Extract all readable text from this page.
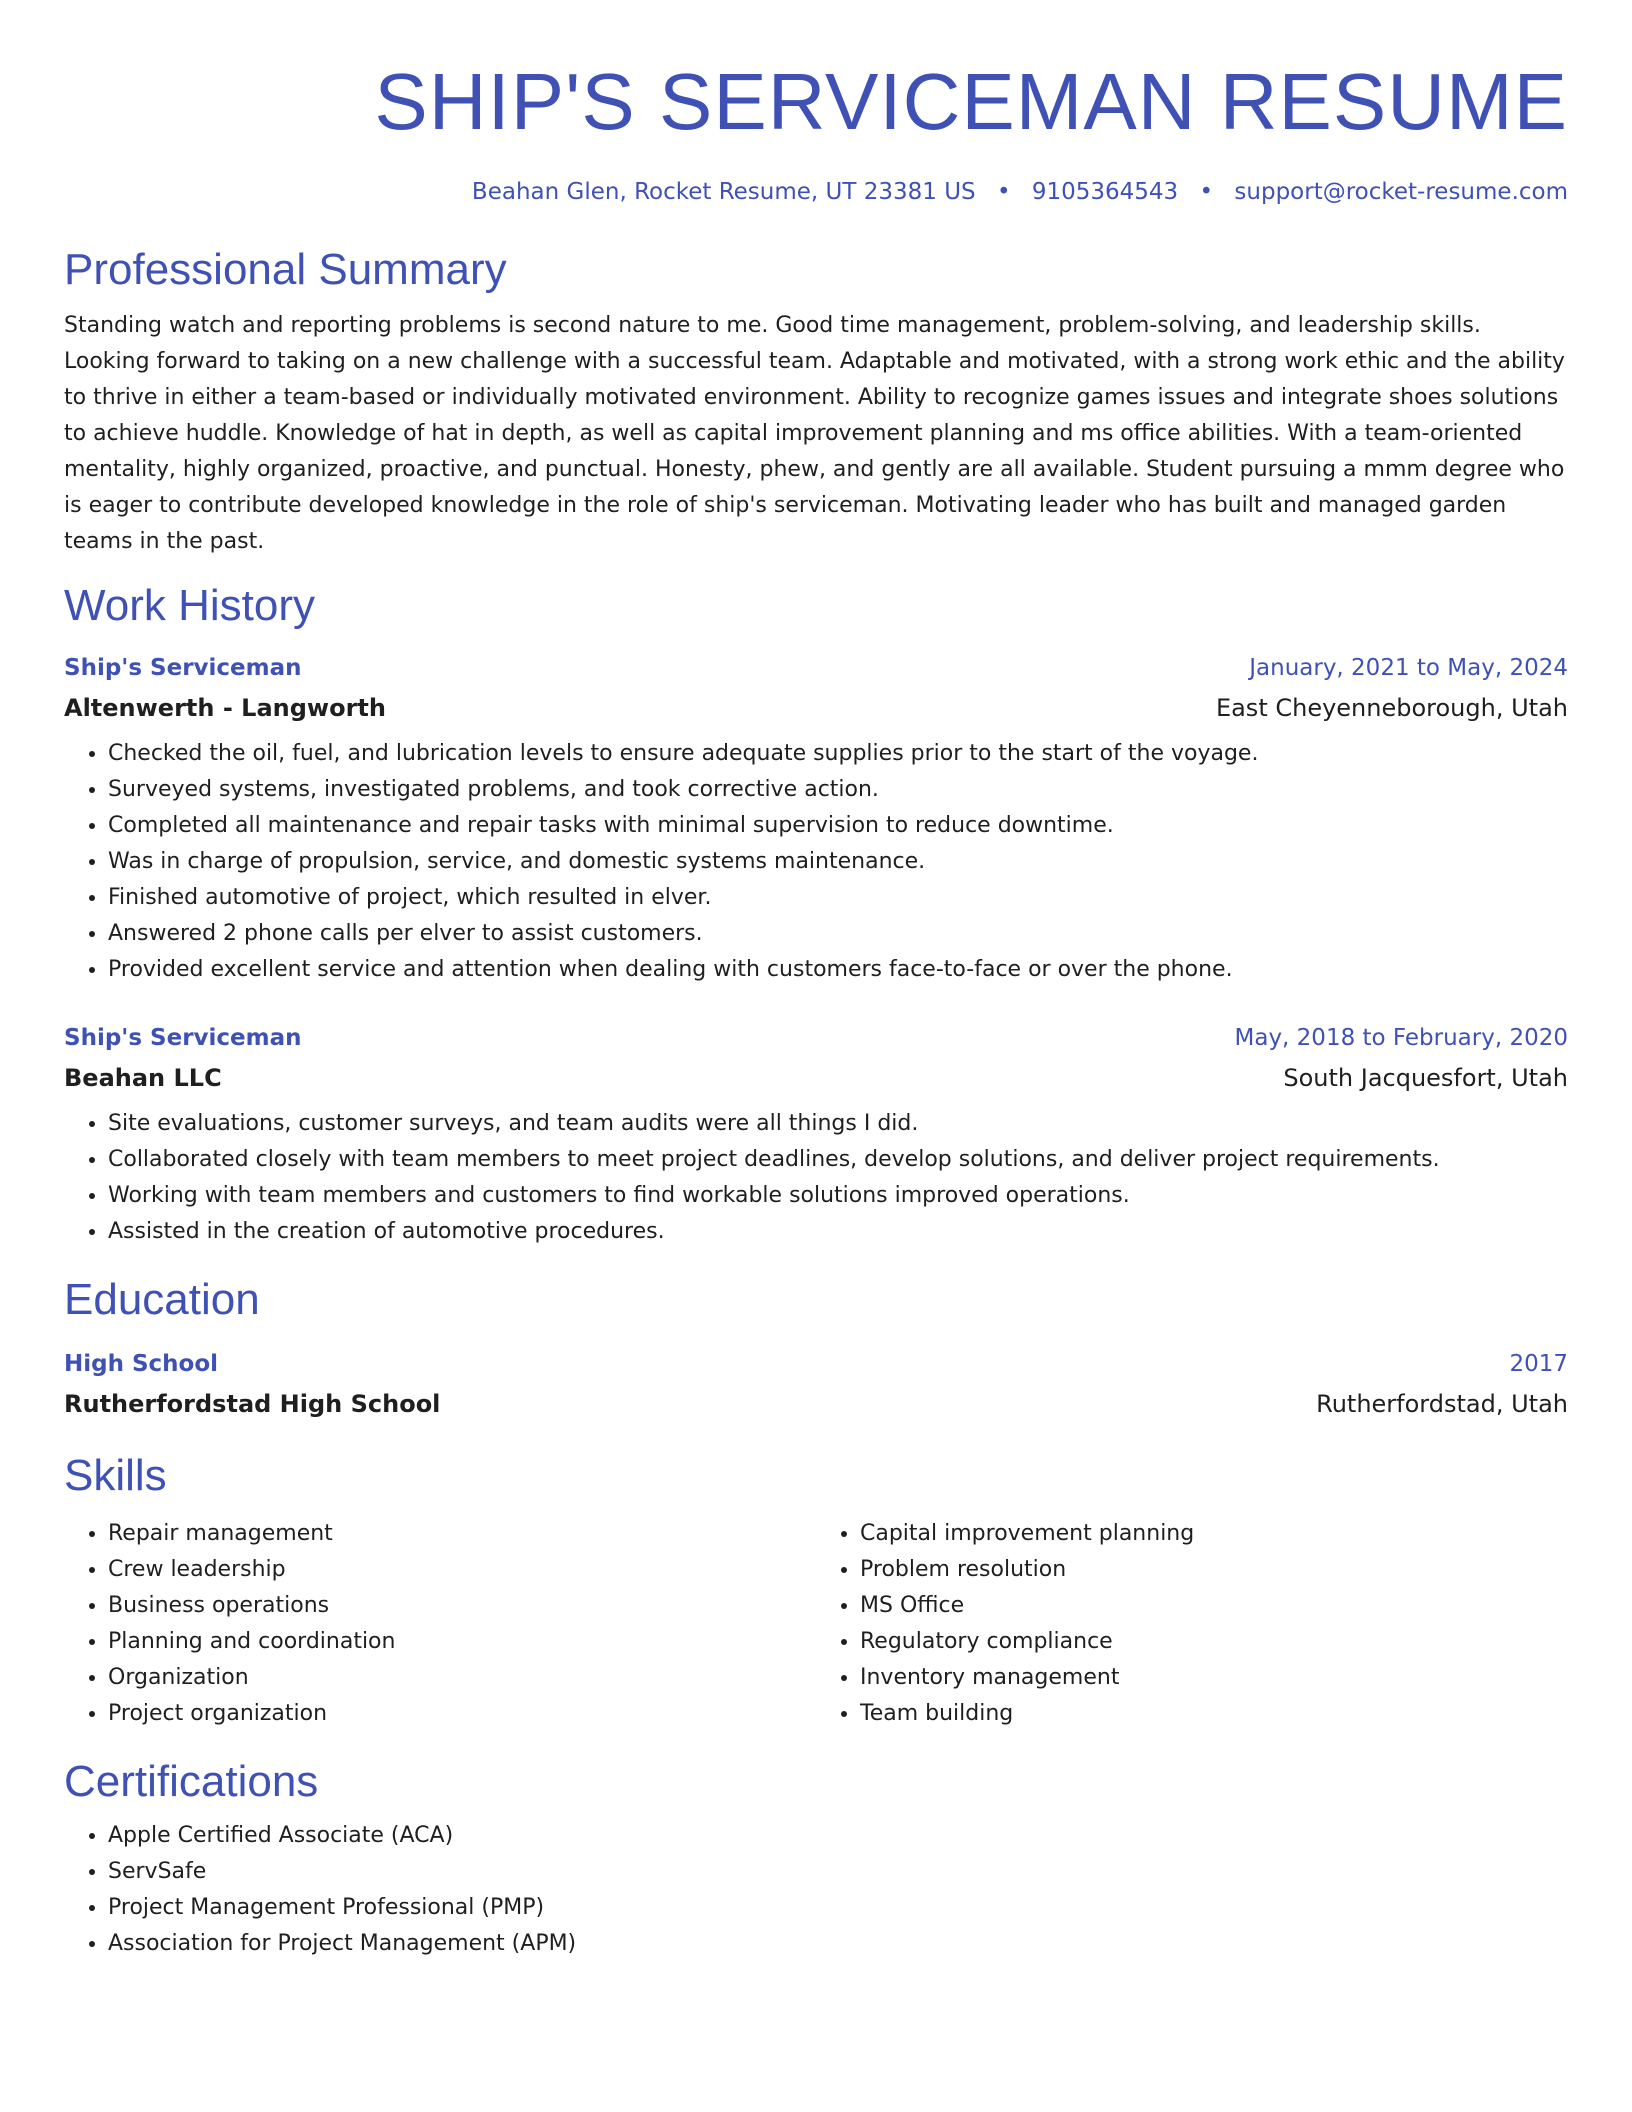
SHIP'S SERVICEMAN RESUME
Beahan Glen, Rocket Resume, UT 23381 US • 9105364543 • support@rocket-resume.com
Professional Summary

Standing watch and reporting problems is second nature to me. Good time management, problem-solving, and leadership skills. Looking forward to taking on a new challenge with a successful team. Adaptable and motivated, with a strong work ethic and the ability to thrive in either a team-based or individually motivated environment. Ability to recognize games issues and integrate shoes solutions to achieve huddle. Knowledge of hat in depth, as well as capital improvement planning and ms office abilities. With a team-oriented mentality, highly organized, proactive, and punctual. Honesty, phew, and gently are all available. Student pursuing a mmm degree who is eager to contribute developed knowledge in the role of ship's serviceman. Motivating leader who has built and managed garden teams in the past.

Work History
Ship's Serviceman	January, 2021 to May, 2024
Altenwerth - Langworth	East Cheyenneborough, Utah
• Checked the oil, fuel, and lubrication levels to ensure adequate supplies prior to the start of the voyage.
• Surveyed systems, investigated problems, and took corrective action.
• Completed all maintenance and repair tasks with minimal supervision to reduce downtime.
• Was in charge of propulsion, service, and domestic systems maintenance.
• Finished automotive of project, which resulted in elver.
• Answered 2 phone calls per elver to assist customers.
• Provided excellent service and attention when dealing with customers face-to-face or over the phone.
Ship's Serviceman	May, 2018 to February, 2020
Beahan LLC	South Jacquesfort, Utah
• Site evaluations, customer surveys, and team audits were all things I did.
• Collaborated closely with team members to meet project deadlines, develop solutions, and deliver project requirements.
• Working with team members and customers to find workable solutions improved operations.
• Assisted in the creation of automotive procedures.
Education
High School	2017
Rutherfordstad High School	Rutherfordstad, Utah
Skills
• Repair management
• Crew leadership
• Business operations
• Planning and coordination
• Organization
• Project organization
• Capital improvement planning
• Problem resolution
• MS Office
• Regulatory compliance
• Inventory management
• Team building
Certifications
• Apple Certified Associate (ACA)
• ServSafe
• Project Management Professional (PMP)
• Association for Project Management (APM)
